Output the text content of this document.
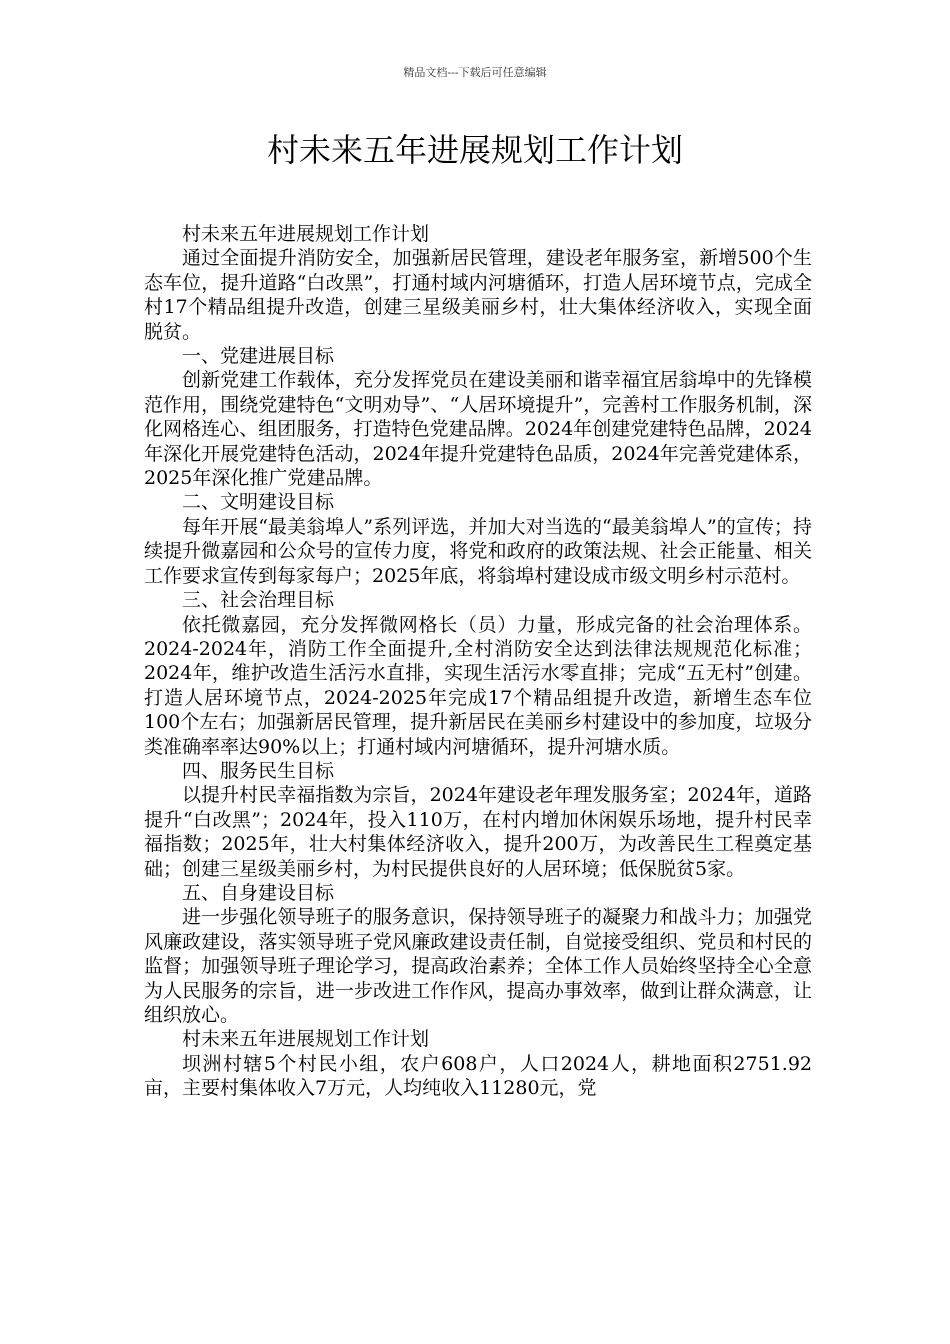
精品文档---下载后可任意编辑
村未来五年进展规划工作计划

村未来五年进展规划工作计划

通过全面提升消防安全，加强新居民管理，建设老年服务室，新增500个生态车位，提升道路“白改黑”，打通村域内河塘循环，打造人居环境节点，完成全村17个精品组提升改造，创建三星级美丽乡村，壮大集体经济收入，实现全面脱贫。

一、党建进展目标

创新党建工作载体，充分发挥党员在建设美丽和谐幸福宜居翁埠中的先锋模范作用，围绕党建特色“文明劝导”、“人居环境提升”，完善村工作服务机制，深化网格连心、组团服务，打造特色党建品牌。2024年创建党建特色品牌，2024年深化开展党建特色活动，2024年提升党建特色品质，2024年完善党建体系，2025年深化推广党建品牌。

二、文明建设目标

每年开展“最美翁埠人”系列评选，并加大对当选的“最美翁埠人”的宣传；持续提升微嘉园和公众号的宣传力度，将党和政府的政策法规、社会正能量、相关工作要求宣传到每家每户；2025年底，将翁埠村建设成市级文明乡村示范村。

三、社会治理目标

依托微嘉园，充分发挥微网格长（员）力量，形成完备的社会治理体系。2024-2024年，消防工作全面提升,全村消防安全达到法律法规规范化标准；2024年，维护改造生活污水直排，实现生活污水零直排；完成“五无村”创建。打造人居环境节点，2024-2025年完成17个精品组提升改造，新增生态车位100个左右；加强新居民管理，提升新居民在美丽乡村建设中的参加度，垃圾分类准确率率达90%以上；打通村域内河塘循环，提升河塘水质。

四、服务民生目标

以提升村民幸福指数为宗旨，2024年建设老年理发服务室；2024年，道路提升“白改黑”；2024年，投入110万，在村内增加休闲娱乐场地，提升村民幸福指数；2025年，壮大村集体经济收入，提升200万，为改善民生工程奠定基础；创建三星级美丽乡村，为村民提供良好的人居环境；低保脱贫5家。

五、自身建设目标

进一步强化领导班子的服务意识，保持领导班子的凝聚力和战斗力；加强党风廉政建设，落实领导班子党风廉政建设责任制，自觉接受组织、党员和村民的监督；加强领导班子理论学习，提高政治素养；全体工作人员始终坚持全心全意为人民服务的宗旨，进一步改进工作作风，提高办事效率，做到让群众满意，让组织放心。

村未来五年进展规划工作计划

坝洲村辖5个村民小组，农户608户，人口2024人，耕地面积2751.92亩，主要村集体收入7万元，人均纯收入11280元，党
